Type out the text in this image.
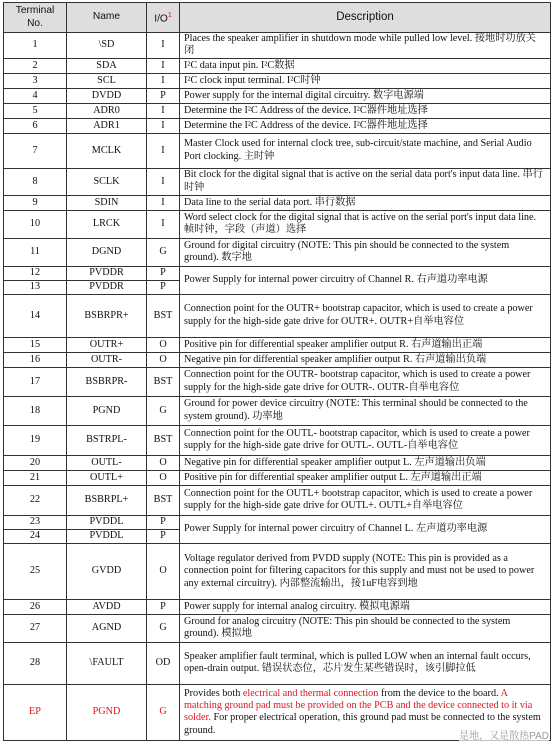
Terminal
No.	Name	I/O$^1$	Description
1	\SD	I	Places the speaker amplifier in shutdown mode while pulled low level. 接地时功放关闭
2	SDA	I	I²C data input pin. I²C数据
3	SCL	I	I²C clock input terminal. I²C时钟
4	DVDD	P	Power supply for the internal digital circuitry. 数字电源端
5	ADR0	I	Determine the I²C Address of the device. I²C器件地址选择
6	ADR1	I	Determine the I²C Address of the device. I²C器件地址选择
7	MCLK	I	Master Clock used for internal clock tree, sub-circuit/state machine, and Serial Audio Port clocking. 主时钟
8	SCLK	I	Bit clock for the digital signal that is active on the serial data port's input data line. 串行时钟
9	SDIN	I	Data line to the serial data port. 串行数据
10	LRCK	I	Word select clock for the digital signal that is active on the serial port's input data line. 帧时钟，字段（声道）选择
11	DGND	G	Ground for digital circuitry (NOTE: This pin should be connected to the system ground). 数字地
12	PVDDR	P	Power Supply for internal power circuitry of Channel R. 右声道功率电源
13	PVDDR	P	
14	BSBRPR+	BST	Connection point for the OUTR+ bootstrap capacitor, which is used to create a power supply for the high-side gate drive for OUTR+. OUTR+自举电容位
15	OUTR+	O	Positive pin for differential speaker amplifier output R. 右声道输出正端
16	OUTR-	O	Negative pin for differential speaker amplifier output R. 右声道输出负端
17	BSBRPR-	BST	Connection point for the OUTR- bootstrap capacitor, which is used to create a power supply for the high-side gate drive for OUTR-. OUTR-自举电容位
18	PGND	G	Ground for power device circuitry (NOTE: This terminal should be connected to the system ground). 功率地
19	BSTRPL-	BST	Connection point for the OUTL- bootstrap capacitor, which is used to create a power supply for the high-side gate drive for OUTL-. OUTL-自举电容位
20	OUTL-	O	Negative pin for differential speaker amplifier output L. 左声道输出负端
21	OUTL+	O	Positive pin for differential speaker amplifier output L. 左声道输出正端
22	BSBRPL+	BST	Connection point for the OUTL+ bootstrap capacitor, which is used to create a power supply for the high-side gate drive for OUTL+. OUTL+自举电容位
23	PVDDL	P	Power Supply for internal power circuitry of Channel L. 左声道功率电源
24	PVDDL	P	
25	GVDD	O	Voltage regulator derived from PVDD supply (NOTE: This pin is provided as a connection point for filtering capacitors for this supply and must not be used to power any external circuitry). 内部整流输出，接1uF电容到地
26	AVDD	P	Power supply for internal analog circuitry. 模拟电源端
27	AGND	G	Ground for analog circuitry (NOTE: This pin should be connected to the system ground). 模拟地
28	\FAULT	OD	Speaker amplifier fault terminal, which is pulled LOW when an internal fault occurs, open-drain output. 错误状态位，芯片发生某些错误时，该引脚拉低
EP	PGND	G	Provides both electrical and thermal connection from the device to the board. A matching ground pad must be provided on the PCB and the device connected to it via solder. For proper electrical operation, this ground pad must be connected to the system ground.
是地，又是散热PAD
